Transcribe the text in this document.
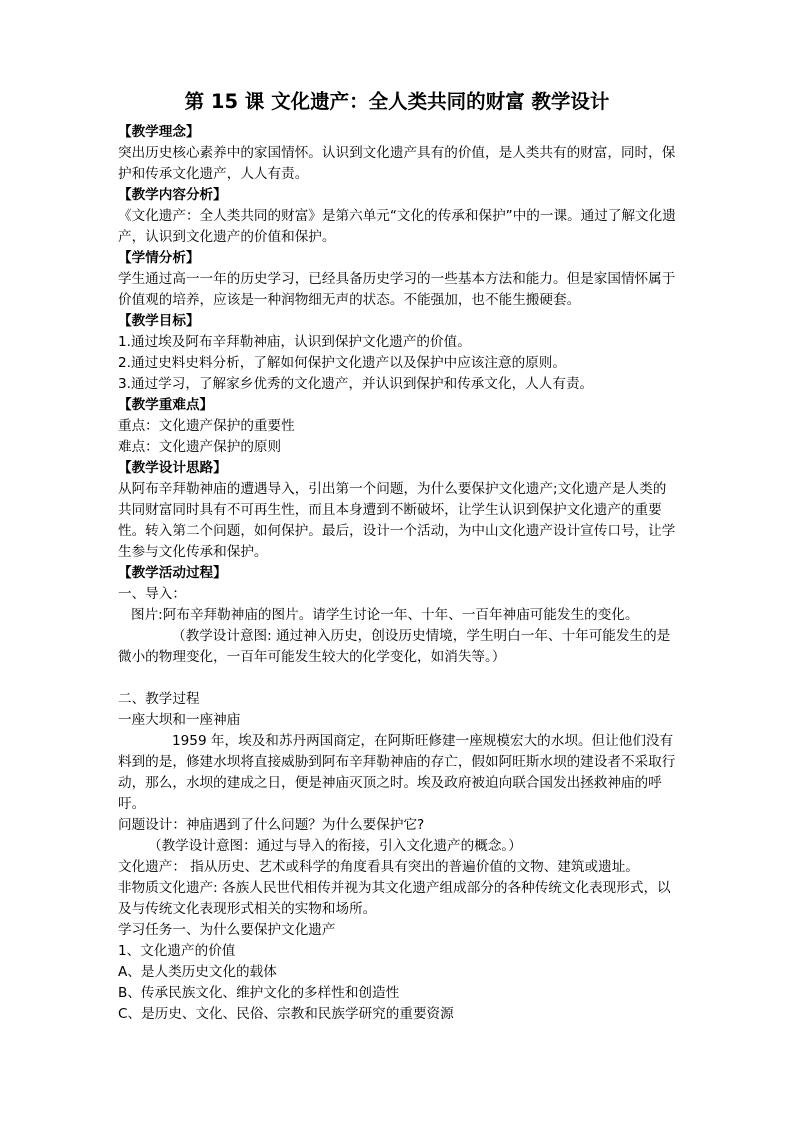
第 15 课 文化遗产：全人类共同的财富 教学设计

【教学理念】

突出历史核心素养中的家国情怀。认识到文化遗产具有的价值，是人类共有的财富，同时，保护和传承文化遗产，人人有责。

【教学内容分析】

《文化遗产：全人类共同的财富》是第六单元“文化的传承和保护”中的一课。通过了解文化遗产，认识到文化遗产的价值和保护。

【学情分析】

学生通过高一一年的历史学习，已经具备历史学习的一些基本方法和能力。但是家国情怀属于价值观的培养，应该是一种润物细无声的状态。不能强加，也不能生搬硬套。

【教学目标】

1.通过埃及阿布辛拜勒神庙，认识到保护文化遗产的价值。

2.通过史料史料分析，了解如何保护文化遗产以及保护中应该注意的原则。

3.通过学习，了解家乡优秀的文化遗产，并认识到保护和传承文化，人人有责。

【教学重难点】

重点：文化遗产保护的重要性

难点：文化遗产保护的原则

【教学设计思路】

从阿布辛拜勒神庙的遭遇导入，引出第一个问题，为什么要保护文化遗产;文化遗产是人类的共同财富同时具有不可再生性，而且本身遭到不断破坏，让学生认识到保护文化遗产的重要性。转入第二个问题，如何保护。最后，设计一个活动，为中山文化遗产设计宣传口号，让学生参与文化传承和保护。

【教学活动过程】

一、导入：

图片:阿布辛拜勒神庙的图片。请学生讨论一年、十年、一百年神庙可能发生的变化。

（教学设计意图: 通过神入历史，创设历史情境，学生明白一年、十年可能发生的是微小的物理变化，一百年可能发生较大的化学变化，如消失等。）

二、教学过程

一座大坝和一座神庙

1959 年，埃及和苏丹两国商定，在阿斯旺修建一座规模宏大的水坝。但让他们没有料到的是，修建水坝将直接威胁到阿布辛拜勒神庙的存亡，假如阿旺斯水坝的建设者不采取行动，那么，水坝的建成之日，便是神庙灭顶之时。埃及政府被迫向联合国发出拯救神庙的呼吁。

问题设计：神庙遇到了什么问题？为什么要保护它?

（教学设计意图：通过与导入的衔接，引入文化遗产的概念。）

文化遗产： 指从历史、艺术或科学的角度看具有突出的普遍价值的文物、建筑或遗址。

非物质文化遗产: 各族人民世代相传并视为其文化遗产组成部分的各种传统文化表现形式，以及与传统文化表现形式相关的实物和场所。

学习任务一、为什么要保护文化遗产

1、文化遗产的价值

A、是人类历史文化的载体

B、传承民族文化、维护文化的多样性和创造性

C、是历史、文化、民俗、宗教和民族学研究的重要资源
